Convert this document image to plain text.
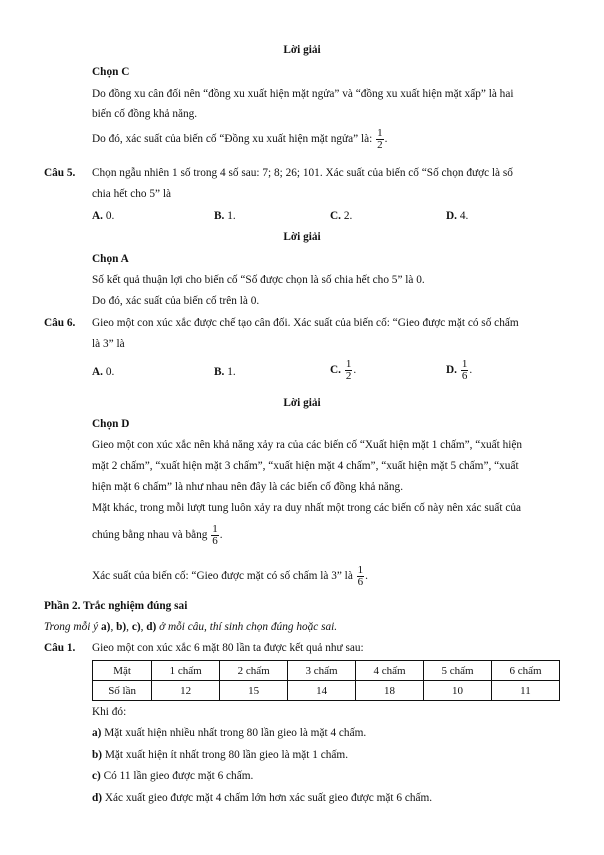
Lời giải
Chọn C
Do đồng xu cân đối nên “đồng xu xuất hiện mặt ngửa” và “đồng xu xuất hiện mặt xấp” là hai
biến cố đồng khả năng.
Do đó, xác suất của biến cố “Đồng xu xuất hiện mặt ngửa” là: $\frac{1}{2}$ .
Câu 5. Chọn ngẫu nhiên 1 số trong 4 số sau: 7; 8; 26; 101. Xác suất của biến cố “Số chọn được là số
chia hết cho 5” là
A. 0.	B. 1.	C. 2.	D. 4.
Lời giải
Chọn A
Số kết quả thuận lợi cho biến cố “Số được chọn là số chia hết cho 5” là 0.
Do đó, xác suất của biến cố trên là 0.
Câu 6. Gieo một con xúc xắc được chế tạo cân đối. Xác suất của biến cố: “Gieo được mặt có số chấm
là 3” là
A. 0.	B. 1.	C. $\frac{1}{2}$ .	D. $\frac{1}{6}$ .
Lời giải
Chọn D
Gieo một con xúc xắc nên khả năng xảy ra của các biến cố “Xuất hiện mặt 1 chấm”, “xuất hiện
mặt 2 chấm”, “xuất hiện mặt 3 chấm”, “xuất hiện mặt 4 chấm”, “xuất hiện mặt 5 chấm”, “xuất
hiện mặt 6 chấm” là như nhau nên đây là các biến cố đồng khả năng.
Mặt khác, trong mỗi lượt tung luôn xảy ra duy nhất một trong các biến cố này nên xác suất của
chúng bằng nhau và bằng $\frac{1}{6}$ .
Xác suất của biến cố: “Gieo được mặt có số chấm là 3” là $\frac{1}{6}$ .
Phần 2. Trắc nghiệm đúng sai
Trong mỗi ý a), b), c), d) ở mỗi câu, thí sinh chọn đúng hoặc sai.
Câu 1. Gieo một con xúc xắc 6 mặt 80 lần ta được kết quả như sau:
Mặt	1 chấm	2 chấm	3 chấm	4 chấm	5 chấm	6 chấm
Số lần	12	15	14	18	10	11
Khi đó:
a) Mặt xuất hiện nhiều nhất trong 80 lần gieo là mặt 4 chấm.
b) Mặt xuất hiện ít nhất trong 80 lần gieo là mặt 1 chấm.
c) Có 11 lần gieo được mặt 6 chấm.
d) Xác xuất gieo được mặt 4 chấm lớn hơn xác suất gieo được mặt 6 chấm.
